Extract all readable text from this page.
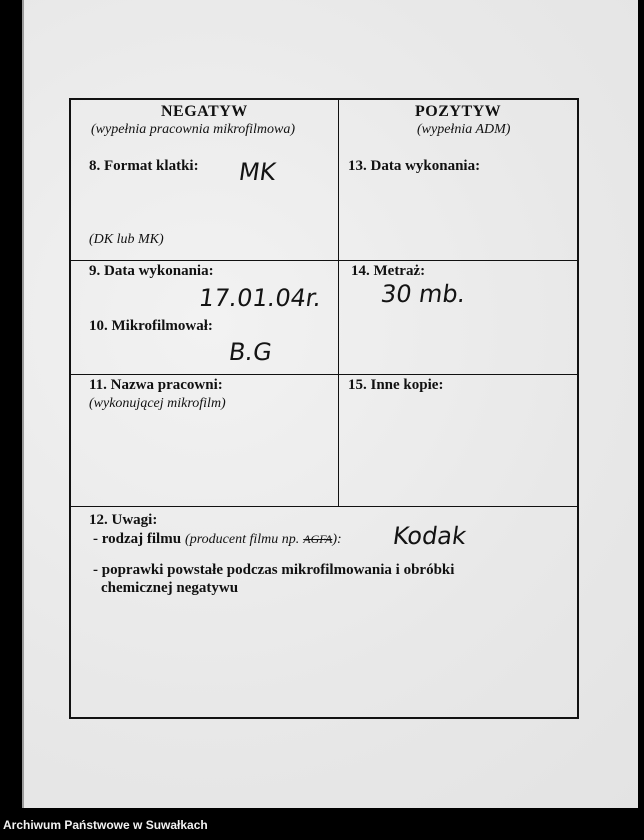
NEGATYW
(wypełnia pracownia mikrofilmowa)
POZYTYW
(wypełnia ADM)
8. Format klatki: MK
(DK lub MK)
13. Data wykonania:
9. Data wykonania:
17.01.04r.
10. Mikrofilmował:
B.G
14. Metraż:
30 mb.
11. Nazwa pracowni:
(wykonującej mikrofilm)
15. Inne kopie:
12. Uwagi:
- rodzaj filmu (producent filmu np. AGFA): Kodak
- poprawki powstałe podczas mikrofilmowania i obróbki
chemicznej negatywu
Archiwum Państwowe w Suwałkach
